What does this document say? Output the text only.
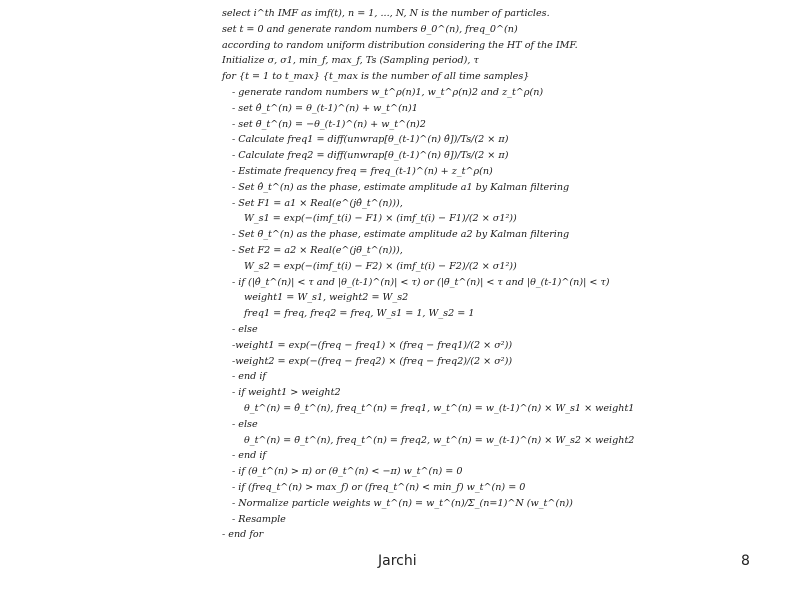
select i^th IMF as imf(t), n = 1, ..., N, N is the number of particles.
set t = 0 and generate random numbers θ_0^(n), freq_0^(n)
according to random uniform distribution considering the HT of the IMF.
Initialize σ, σ1, min_f, max_f, Ts (Sampling period), τ
for {t = 1 to t_max} {t_max is the number of all time samples}
- generate random numbers w_t^ρ(n)1, w_t^ρ(n)2 and z_t^ρ(n)
- set θ̂_t^(n) = θ_(t-1)^(n) + w_t^(n)1
- set θ̃_t^(n) = −θ_(t-1)^(n) + w_t^(n)2
- Calculate freq1 = diff(unwrap[θ_(t-1)^(n) θ̂])/Ts/(2 × π)
- Calculate freq2 = diff(unwrap[θ_(t-1)^(n) θ̃])/Ts/(2 × π)
- Estimate frequency freq = freq_(t-1)^(n) + z_t^ρ(n)
- Set θ̂_t^(n) as the phase, estimate amplitude a1 by Kalman filtering
- Set F1 = a1 × Real(e^(jθ̂_t^(n))),
W_s1 = exp(−(imf_t(i) − F1) × (imf_t(i) − F1)/(2 × σ1²))
- Set θ̃_t^(n) as the phase, estimate amplitude a2 by Kalman filtering
- Set F2 = a2 × Real(e^(jθ̃_t^(n))),
W_s2 = exp(−(imf_t(i) − F2) × (imf_t(i) − F2)/(2 × σ1²))
- if (|θ̂_t^(n)| < τ and |θ_(t-1)^(n)| < τ) or (|θ̃_t^(n)| < τ and |θ_(t-1)^(n)| < τ)
weight1 = W_s1, weight2 = W_s2
freq1 = freq, freq2 = freq, W_s1 = 1, W_s2 = 1
- else
-weight1 = exp(−(freq − freq1) × (freq − freq1)/(2 × σ²))
-weight2 = exp(−(freq − freq2) × (freq − freq2)/(2 × σ²))
- end if
- if weight1 > weight2
θ_t^(n) = θ̂_t^(n), freq_t^(n) = freq1, w_t^(n) = w_(t-1)^(n) × W_s1 × weight1
- else
θ_t^(n) = θ̃_t^(n), freq_t^(n) = freq2, w_t^(n) = w_(t-1)^(n) × W_s2 × weight2
- end if
- if (θ_t^(n) > π) or (θ_t^(n) < −π) w_t^(n) = 0
- if (freq_t^(n) > max_f) or (freq_t^(n) < min_f) w_t^(n) = 0
- Normalize particle weights w_t^(n) = w_t^(n)/Σ_(n=1)^N (w_t^(n))
- Resample
- end for
Jarchi	8
